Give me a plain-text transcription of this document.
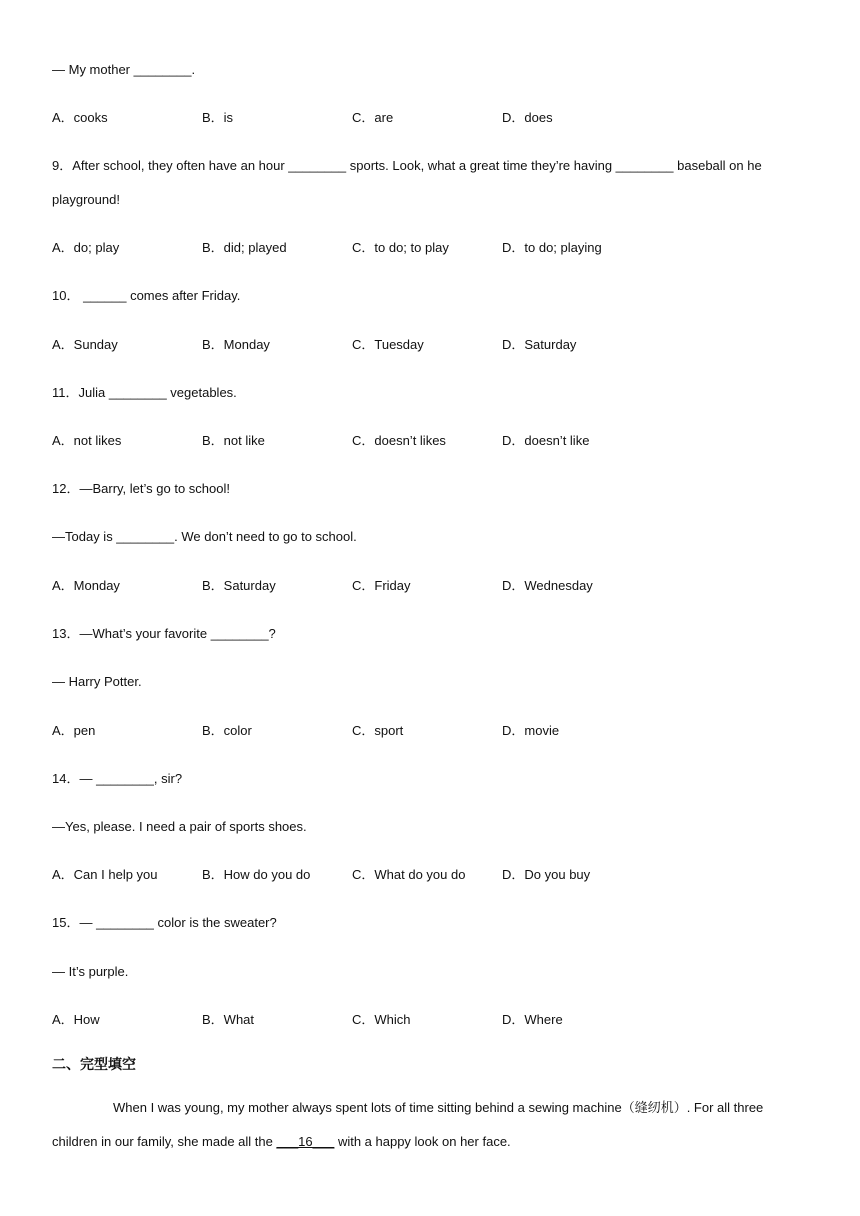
— My mother ________.
A．cooks	B．is	C．are	D．does
9．After school, they often have an hour ________ sports. Look, what a great time they’re having ________ baseball on he
playground!
A．do; play	B．did; played	C．to do; to play	D．to do; playing
10． ______ comes after Friday.
A．Sunday	B．Monday	C．Tuesday	D．Saturday
11．Julia ________ vegetables.
A．not likes	B．not like	C．doesn’t likes	D．doesn’t like
12．—Barry, let’s go to school!
—Today is ________. We don’t need to go to school.
A．Monday	B．Saturday	C．Friday	D．Wednesday
13．—What’s your favorite ________?
— Harry Potter.
A．pen	B．color	C．sport	D．movie
14．— ________, sir?
—Yes, please. I need a pair of sports shoes.
A．Can I help you	B．How do you do	C．What do you do	D．Do you buy
15．— ________ color is the sweater?
— It’s purple.
A．How	B．What	C．Which	D．Where
二、完型填空
When I was young, my mother always spent lots of time sitting behind a sewing machine（缝纫机）. For all three children in our family, she made all the ___16___ with a happy look on her face.
